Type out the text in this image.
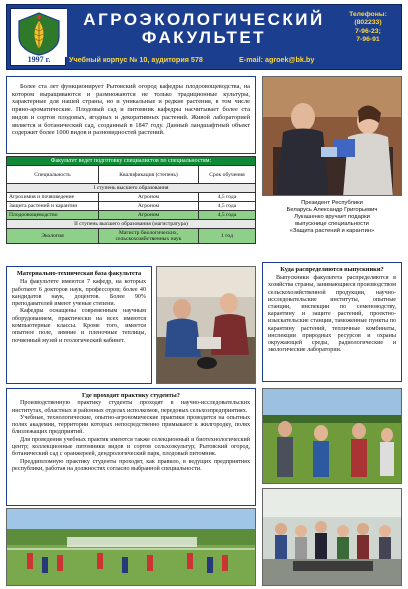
1997 г.
АГРОЭКОЛОГИЧЕСКИЙ
ФАКУЛЬТЕТ
Учебный корпус № 10, аудитория 578	E-mail: agroek@bk.by
Телефоны:
(802233)
7-96-23;
7-96-91
Более ста лет функционирует Рытовский огород кафедры плодоовощеводства, на котором выращиваются и размножаются не только традиционные культуры, характерные для нашей страны, но и уникальные и редкие растения, в том числе пряно-ароматические. Плодовый сад и питомник кафедры насчитывает более ста видов и сортов плодовых, ягодных и декоративных растений. Живой лабораторией является и ботанический сад, созданный в 1847 году. Данный ландшафтный объект содержит более 1000 видов и разновидностей растений.
Факультет ведет подготовку специалистов по специальностям:		
Специальность	Квалификация (степень)	Срок обучения
I ступень высшего образования		
Агрохимия и почвоведение	Агроном	4,5 года
Защита растений и карантин	Агроном	4,5 года
Плодоовощеводство	Агроном	4,5 года
II ступень высшего образования (магистратура)		
Экология	Магистр биологических, сельскохозяйственных наук	1 год
Президент Республики
Беларусь Александр Григорьевич
Лукашенко вручает подарки
выпускнице специальности
«Защита растений и карантин»
Материально-техническая база факультета

На факультете имеются 7 кафедр, на которых работают 6 докторов наук, профессоров; более 40 кандидатов наук, доцентов. Более 90% преподавателей имеют ученые степени.

Кафедры оснащены современным научным оборудованием, практически на всех имеются компьютерные классы. Кроме того, имеется опытное поле, зимние и пленочные теплицы, почвенный музей и геологический кабинет.

Куда распределяются выпускники?

Выпускники факультета распределяются в хозяйства страны, занимающиеся производством сельскохозяйственной продукции, научно-исследовательские институты, опытные станции, инспекции по семеноводству, карантину и защите растений, проектно-изыскательские станции, таможенные пункты по карантину растений, тепличные комбинаты, инспекции природных ресурсов и охраны окружающей среды, радиологические и экологические лаборатории.

Где проходят практику студенты?

Производственную практику студенты проходят в научно-исследовательских институтах, областных и районных отделах исполкомов, передовых сельхозпредприятиях.

Учебные, технологические, опытно-агрономические практики проводятся на опытных полях академии, территории которых непосредственно примыкают к жилгородку, полях близлежащих предприятий.

Для проведения учебных практик имеются также селекционный и биотехнологический центр; коллекционные питомники видов и сортов сельхозкультур; Рытовский огород, ботанический сад с оранжереей, дендрологический парк, плодовый питомник.

Преддипломную практику студенты проходят, как правило, в ведущих предприятиях республики, работая на должностях согласно выбранной специальности.
